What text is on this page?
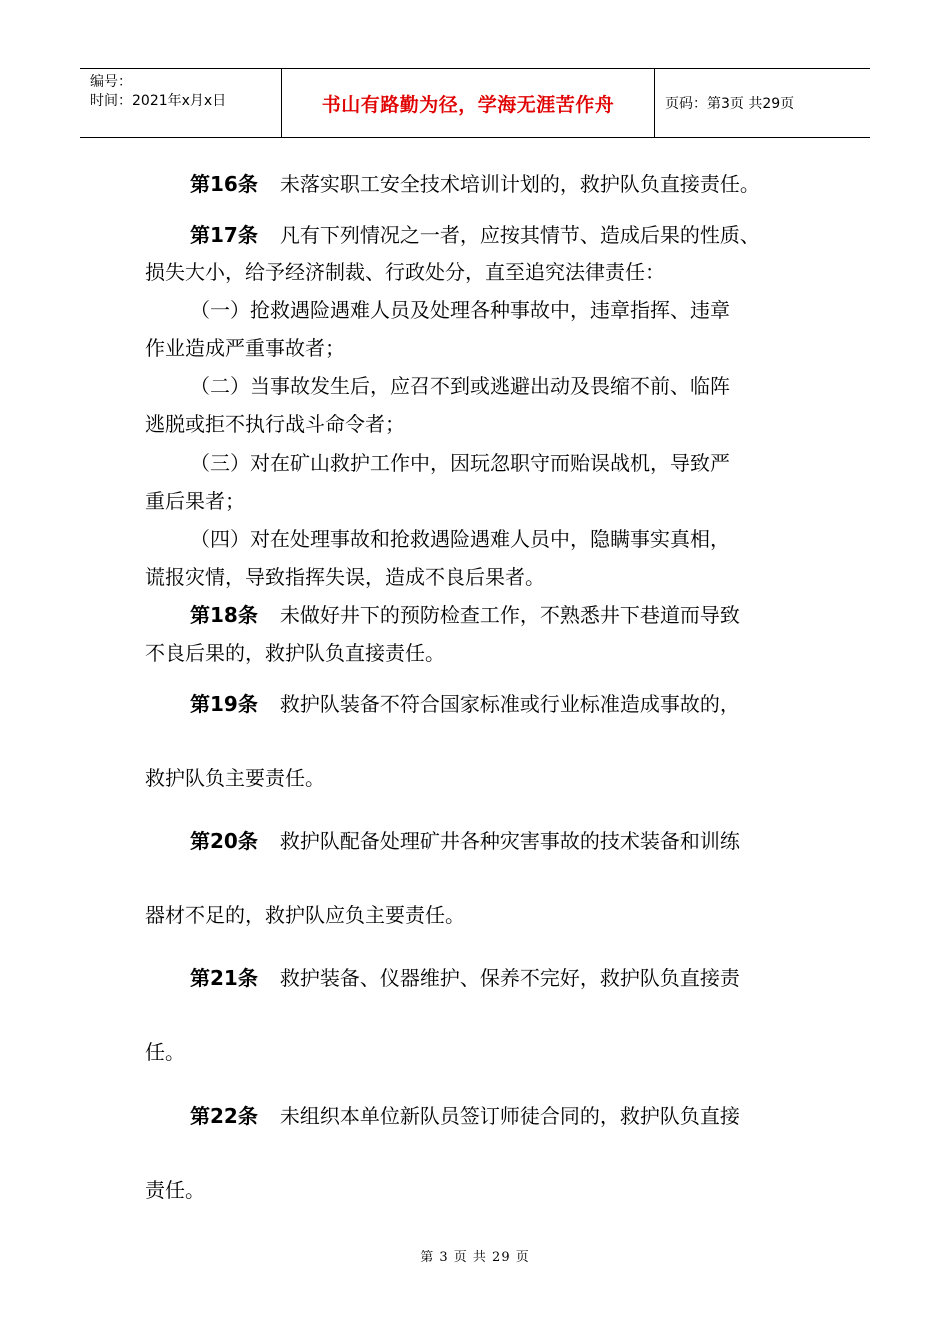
编号：
时间：2021年x月x日	书山有路勤为径，学海无涯苦作舟	页码：第3页 共29页
第16条 未落实职工安全技术培训计划的，救护队负直接责任。
第17条 凡有下列情况之一者，应按其情节、造成后果的性质、
损失大小，给予经济制裁、行政处分，直至追究法律责任：
（一）抢救遇险遇难人员及处理各种事故中，违章指挥、违章
作业造成严重事故者；
（二）当事故发生后，应召不到或逃避出动及畏缩不前、临阵
逃脱或拒不执行战斗命令者；
（三）对在矿山救护工作中，因玩忽职守而贻误战机，导致严
重后果者；
（四）对在处理事故和抢救遇险遇难人员中，隐瞒事实真相，
谎报灾情，导致指挥失误，造成不良后果者。
第18条 未做好井下的预防检查工作，不熟悉井下巷道而导致
不良后果的，救护队负直接责任。
第19条 救护队装备不符合国家标准或行业标准造成事故的，
救护队负主要责任。
第20条 救护队配备处理矿井各种灾害事故的技术装备和训练
器材不足的，救护队应负主要责任。
第21条 救护装备、仪器维护、保养不完好，救护队负直接责
任。
第22条 未组织本单位新队员签订师徒合同的，救护队负直接
责任。
第 3 页 共 29 页
